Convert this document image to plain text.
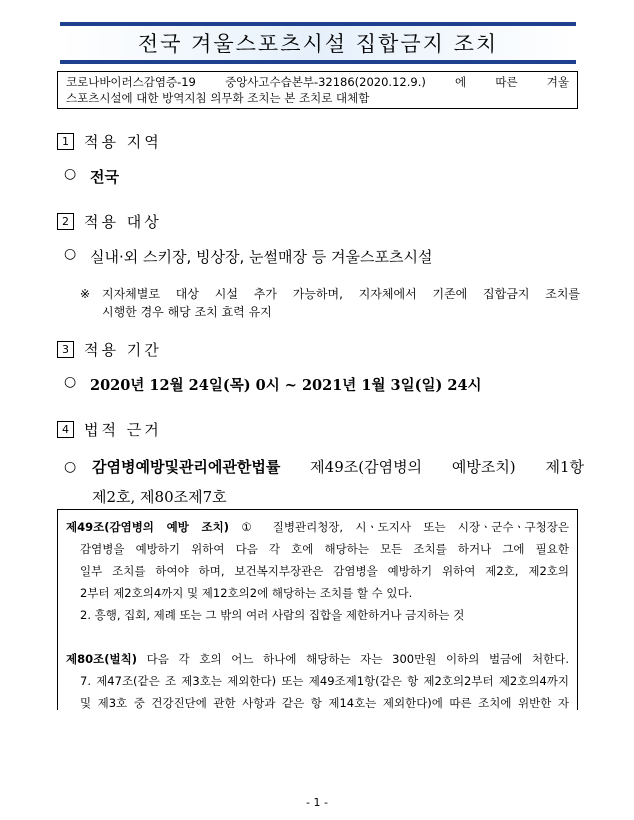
전국 겨울스포츠시설 집합금지 조치
코로나바이러스감염증-19 중앙사고수습본부-32186(2020.12.9.) 에 따른 겨울
스포츠시설에 대한 방역지침 의무화 조치는 본 조치로 대체함
1	적용 지역
○ 전국
2	적용 대상
○ 실내·외 스키장, 빙상장, 눈썰매장 등 겨울스포츠시설
※ 지자체별로 대상 시설 추가 가능하며, 지자체에서 기존에 집합금지 조치를
시행한 경우 해당 조치 효력 유지
3	적용 기간
○ 2020년 12월 24일(목) 0시 ~ 2021년 1월 3일(일) 24시
4	법적 근거
○	감염병예방및관리에관한법률 제49조(감염병의 예방조치) 제1항
제2호, 제80조제7호
제49조(감염병의 예방 조치) ① 질병관리청장, 시ㆍ도지사 또는 시장ㆍ군수ㆍ구청장은
감염병을 예방하기 위하여 다음 각 호에 해당하는 모든 조치를 하거나 그에 필요한
일부 조치를 하여야 하며, 보건복지부장관은 감염병을 예방하기 위하여 제2호, 제2호의
2부터 제2호의4까지 및 제12호의2에 해당하는 조치를 할 수 있다.
2. 흥행, 집회, 제례 또는 그 밖의 여러 사람의 집합을 제한하거나 금지하는 것
제80조(벌칙) 다음 각 호의 어느 하나에 해당하는 자는 300만원 이하의 벌금에 처한다.
7. 제47조(같은 조 제3호는 제외한다) 또는 제49조제1항(같은 항 제2호의2부터 제2호의4까지
및 제3호 중 건강진단에 관한 사항과 같은 항 제14호는 제외한다)에 따른 조치에 위반한 자
- 1 -
